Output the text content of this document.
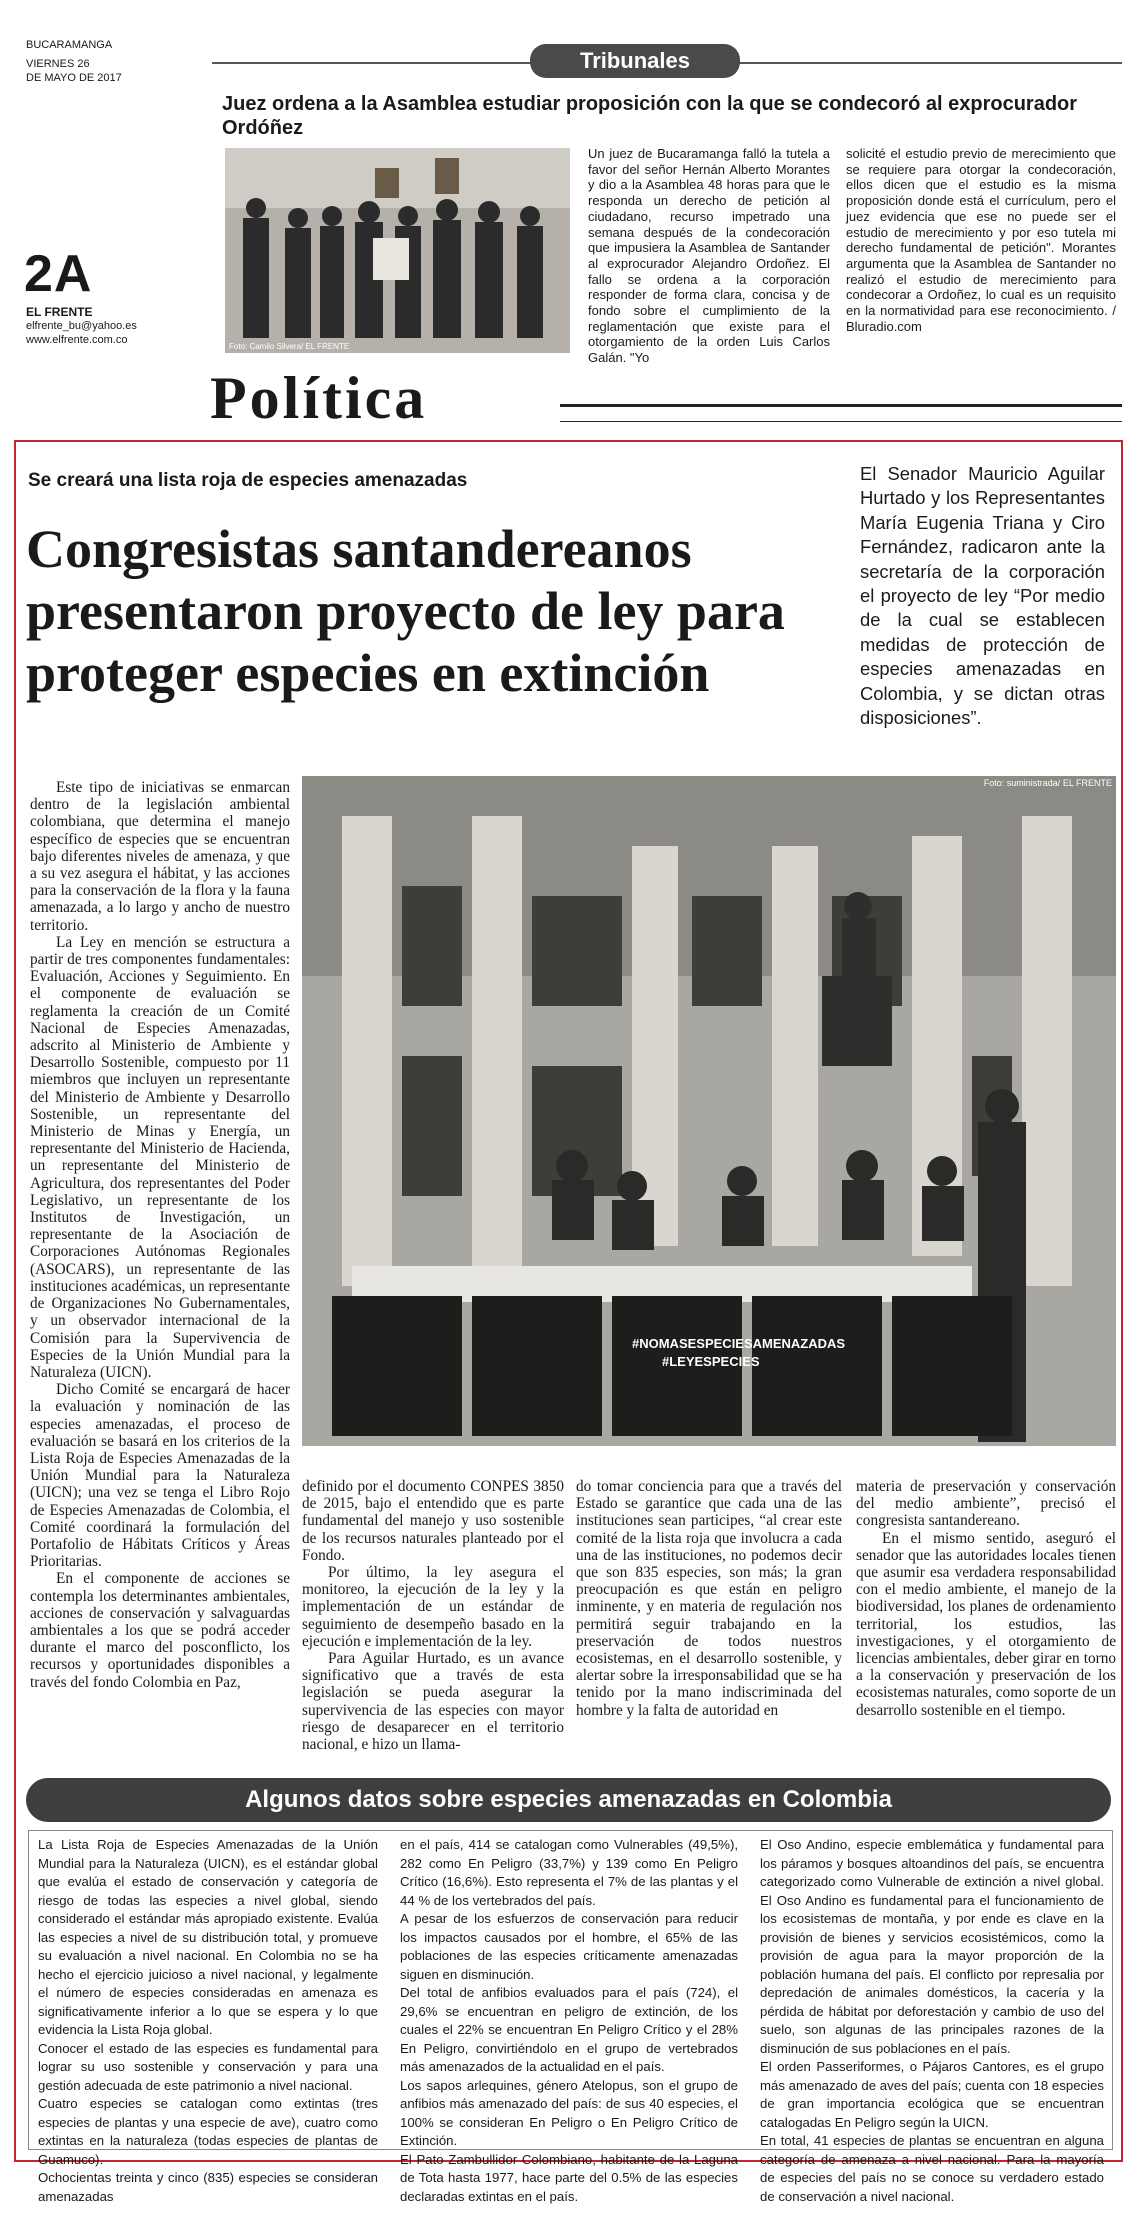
BUCARAMANGA
VIERNES 26
DE MAYO DE 2017
2A
EL FRENTE
elfrente_bu@yahoo.es
www.elfrente.com.co
Tribunales
Juez ordena a la Asamblea estudiar proposición con la que se condecoró al exprocurador Ordóñez
Foto: Camilo Silvera/ EL FRENTE
Un juez de Bucaramanga falló la tutela a favor del señor Hernán Alberto Morantes y dio a la Asamblea 48 horas para que le responda un derecho de petición al ciudadano, recurso impetrado una semana después de la condecoración que impusiera la Asamblea de Santander al exprocurador Alejandro Ordoñez. El fallo se ordena a la corporación responder de forma clara, concisa y de fondo sobre el cumplimiento de la reglamentación que existe para el otorgamiento de la orden Luis Carlos Galán. "Yo
solicité el estudio previo de merecimiento que se requiere para otorgar la condecoración, ellos dicen que el estudio es la misma proposición donde está el currículum, pero el juez evidencia que ese no puede ser el estudio de merecimiento y por eso tutela mi derecho fundamental de petición". Morantes argumenta que la Asamblea de Santander no realizó el estudio de merecimiento para condecorar a Ordoñez, lo cual es un requisito en la normatividad para ese reconocimiento. / Bluradio.com
Política
Se creará una lista roja de especies amenazadas
Congresistas santandereanos
presentaron proyecto de ley para
proteger especies en extinción
El Senador Mauricio Aguilar Hurtado y los Representantes María Eugenia Triana y Ciro Fernández, radicaron ante la secretaría de la corporación el proyecto de ley “Por medio de la cual se establecen medidas de protección de especies amenazadas en Colombia, y se dictan otras disposiciones”.
Foto: suministrada/ EL FRENTE
#NOMASESPECIESAMENAZADAS
#LEYESPECIES

Este tipo de iniciativas se enmarcan dentro de la legislación ambiental colombiana, que determina el manejo específico de especies que se encuentran bajo diferentes niveles de amenaza, y que a su vez asegura el hábitat, y las acciones para la conservación de la flora y la fauna amenazada, a lo largo y ancho de nuestro territorio.

La Ley en mención se estructura a partir de tres componentes fundamentales: Evaluación, Acciones y Seguimiento. En el componente de evaluación se reglamenta la creación de un Comité Nacional de Especies Amenazadas, adscrito al Ministerio de Ambiente y Desarrollo Sostenible, compuesto por 11 miembros que incluyen un representante del Ministerio de Ambiente y Desarrollo Sostenible, un representante del Ministerio de Minas y Energía, un representante del Ministerio de Hacienda, un representante del Ministerio de Agricultura, dos representantes del Poder Legislativo, un representante de los Institutos de Investigación, un representante de la Asociación de Corporaciones Autónomas Regionales (ASOCARS), un representante de las instituciones académicas, un representante de Organizaciones No Gubernamentales, y un observador internacional de la Comisión para la Supervivencia de Especies de la Unión Mundial para la Naturaleza (UICN).

Dicho Comité se encargará de hacer la evaluación y nominación de las especies amenazadas, el proceso de evaluación se basará en los criterios de la Lista Roja de Especies Amenazadas de la Unión Mundial para la Naturaleza (UICN); una vez se tenga el Libro Rojo de Especies Amenazadas de Colombia, el Comité coordinará la formulación del Portafolio de Hábitats Críticos y Áreas Prioritarias.

En el componente de acciones se contempla los determinantes ambientales, acciones de conservación y salvaguardas ambientales a los que se podrá acceder durante el marco del posconflicto, los recursos y oportunidades disponibles a través del fondo Colombia en Paz,

definido por el documento CONPES 3850 de 2015, bajo el entendido que es parte fundamental del manejo y uso sostenible de los recursos naturales planteado por el Fondo.

Por último, la ley asegura el monitoreo, la ejecución de la ley y la implementación de un estándar de seguimiento de desempeño basado en la ejecución e implementación de la ley.

Para Aguilar Hurtado, es un avance significativo que a través de esta legislación se pueda asegurar la supervivencia de las especies con mayor riesgo de desaparecer en el territorio nacional, e hizo un llama-

do tomar conciencia para que a través del Estado se garantice que cada una de las instituciones sean participes, “al crear este comité de la lista roja que involucra a cada una de las instituciones, no podemos decir que son 835 especies, son más; la gran preocupación es que están en peligro inminente, y en materia de regulación nos permitirá seguir trabajando en la preservación de todos nuestros ecosistemas, en el desarrollo sostenible, y alertar sobre la irresponsabilidad que se ha tenido por la mano indiscriminada del hombre y la falta de autoridad en

materia de preservación y conservación del medio ambiente”, precisó el congresista santandereano.

En el mismo sentido, aseguró el senador que las autoridades locales tienen que asumir esa verdadera responsabilidad con el medio ambiente, el manejo de la biodiversidad, los planes de ordenamiento territorial, los estudios, las investigaciones, y el otorgamiento de licencias ambientales, deber girar en torno a la conservación y preservación de los ecosistemas naturales, como soporte de un desarrollo sostenible en el tiempo.

Algunos datos sobre especies amenazadas en Colombia
La Lista Roja de Especies Amenazadas de la Unión Mundial para la Naturaleza (UICN), es el estándar global que evalúa el estado de conservación y categoría de riesgo de todas las especies a nivel global, siendo considerado el estándar más apropiado existente. Evalúa las especies a nivel de su distribución total, y promueve su evaluación a nivel nacional. En Colombia no se ha hecho el ejercicio juicioso a nivel nacional, y legalmente el número de especies consideradas en amenaza es significativamente inferior a lo que se espera y lo que evidencia la Lista Roja global.
Conocer el estado de las especies es fundamental para lograr su uso sostenible y conservación y para una gestión adecuada de este patrimonio a nivel nacional.
Cuatro especies se catalogan como extintas (tres especies de plantas y una especie de ave), cuatro como extintas en la naturaleza (todas especies de plantas de Guamuco).
Ochocientas treinta y cinco (835) especies se consideran amenazadas
en el país, 414 se catalogan como Vulnerables (49,5%), 282 como En Peligro (33,7%) y 139 como En Peligro Crítico (16,6%). Esto representa el 7% de las plantas y el 44 % de los vertebrados del país.
A pesar de los esfuerzos de conservación para reducir los impactos causados por el hombre, el 65% de las poblaciones de las especies críticamente amenazadas siguen en disminución.
Del total de anfibios evaluados para el país (724), el 29,6% se encuentran en peligro de extinción, de los cuales el 22% se encuentran En Peligro Crítico y el 28% En Peligro, convirtiéndolo en el grupo de vertebrados más amenazados de la actualidad en el país.
Los sapos arlequines, género Atelopus, son el grupo de anfibios más amenazado del país: de sus 40 especies, el 100% se consideran En Peligro o En Peligro Crítico de Extinción.
El Pato Zambullidor Colombiano, habitante de la Laguna de Tota hasta 1977, hace parte del 0.5% de las especies declaradas extintas en el país.
El Oso Andino, especie emblemática y fundamental para los páramos y bosques altoandinos del país, se encuentra categorizado como Vulnerable de extinción a nivel global. El Oso Andino es fundamental para el funcionamiento de los ecosistemas de montaña, y por ende es clave en la provisión de bienes y servicios ecosistémicos, como la provisión de agua para la mayor proporción de la población humana del país. El conflicto por represalia por depredación de animales domésticos, la cacería y la pérdida de hábitat por deforestación y cambio de uso del suelo, son algunas de las principales razones de la disminución de sus poblaciones en el país.
El orden Passeriformes, o Pájaros Cantores, es el grupo más amenazado de aves del país; cuenta con 18 especies de gran importancia ecológica que se encuentran catalogadas En Peligro según la UICN.
En total, 41 especies de plantas se encuentran en alguna categoría de amenaza a nivel nacional. Para la mayoría de especies del país no se conoce su verdadero estado de conservación a nivel nacional.
